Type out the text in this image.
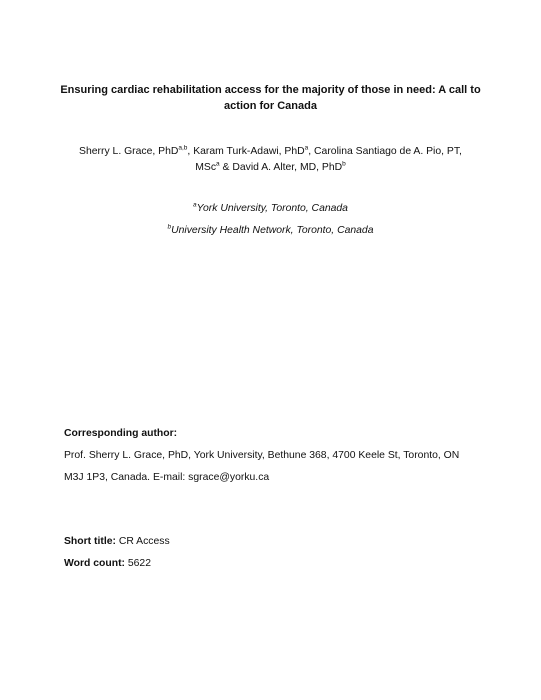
Ensuring cardiac rehabilitation access for the majority of those in need: A call to
action for Canada
Sherry L. Grace, PhD$^{a,b}$, Karam Turk-Adawi, PhD$^a$, Carolina Santiago de A. Pio, PT,
MSc$^a$ & David A. Alter, MD, PhD$^b$
$^a$York University, Toronto, Canada
$^b$University Health Network, Toronto, Canada
Corresponding author:
Prof. Sherry L. Grace, PhD, York University, Bethune 368, 4700 Keele St, Toronto, ON
M3J 1P3, Canada. E-mail: sgrace@yorku.ca
Short title: CR Access
Word count: 5622
